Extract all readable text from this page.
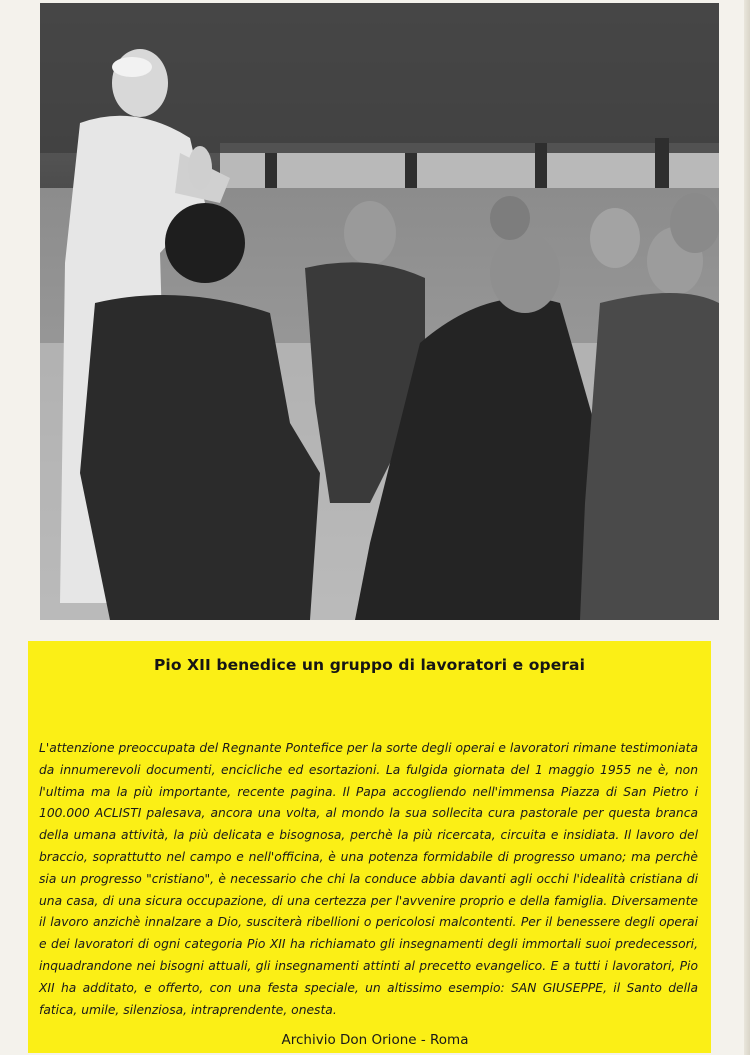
Pio XII benedice un gruppo di lavoratori e operai
L'attenzione preoccupata del Regnante Pontefice per la sorte degli operai e lavoratori rimane testimoniata da innumerevoli documenti, encicliche ed esortazioni. La fulgida giornata del 1 maggio 1955 ne è, non l'ultima ma la più importante, recente pagina. Il Papa accogliendo nell'immensa Piazza di San Pietro i 100.000 ACLISTI palesava, ancora una volta, al mondo la sua sollecita cura pastorale per questa branca della umana attività, la più delicata e bisognosa, perchè la più ricercata, circuita e insidiata. Il lavoro del braccio, soprattutto nel campo e nell'officina, è una potenza formidabile di progresso umano; ma perchè sia un progresso "cristiano", è necessario che chi la conduce abbia davanti agli occhi l'idealità cristiana di una casa, di una sicura occupazione, di una certezza per l'avvenire proprio e della famiglia. Diversamente il lavoro anzichè innalzare a Dio, susciterà ribellioni o pericolosi malcontenti. Per il benessere degli operai e dei lavoratori di ogni categoria Pio XII ha richiamato gli insegnamenti degli immortali suoi predecessori, inquadrandone nei bisogni attuali, gli insegnamenti attinti al precetto evangelico. E a tutti i lavoratori, Pio XII ha additato, e offerto, con una festa speciale, un altissimo esempio: SAN GIUSEPPE, il Santo della fatica, umile, silenziosa, intraprendente, onesta.
Archivio Don Orione - Roma
